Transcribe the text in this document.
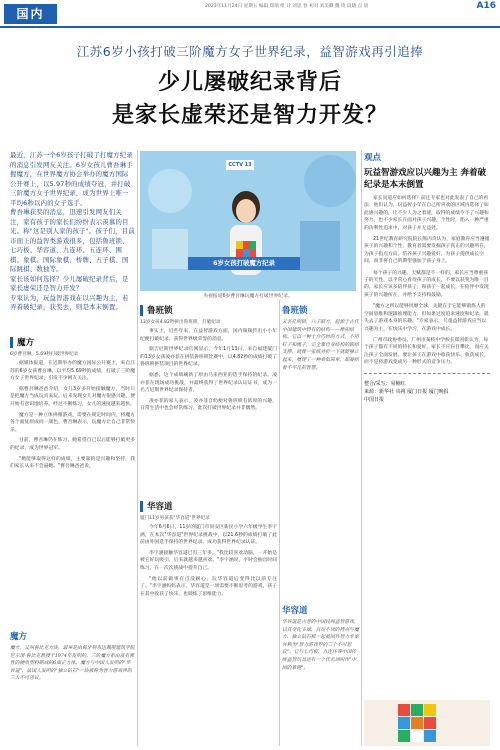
国内
2023年11月24日 星期五 编辑 郑瑞 组 计 刘思 春 初对 刘美卿 魏 琦 段晓 点 晨	A16
江苏6岁小孩打破三阶魔方女子世界纪录，益智游戏再引追捧
少儿屡破纪录背后
是家长虚荣还是智力开发？
最近，江苏一个6岁孩子打破了打魔方纪录的消息引发网友关注。6岁女孩儿曹吾琳手握魔方，在世界魔方协会举办的魔方国际公开赛上，以5.97秒的成绩夺冠，并打破三阶魔方女子世界纪录，成为世界上唯一平均6秒以内的女子选手。
曹吾琳获奖的消息，迅速引发网友们关注，家有孩子的家长们纷纷表示羡慕的目光。称"这是别人家的孩子"。孩子们，目前市面上的益智类游戏很多，包括鲁班锁、七巧板、华容道、九连环、五连环、围棋、象棋、国际象棋、桥牌、五子棋、国际跳棋、数独等。
家长该如何选择？少儿屡破纪录背后，是家长虚荣还是智力开发？
专家认为，玩益智游戏在以兴趣为主，若弄着破纪录，获奖去，则是本末倒置。
CCTV 13
6岁女孩打破魔方纪录
央视报道6岁曹吾琳玩魔方打破世界纪录。
观点
玩益智游戏应以兴趣为主 奔着破纪录是本末倒置
家长问道应如何选择？前还专家也对此发表了自己的看法：他们认为，玩益智小年在自己所喜欢的区域内选择了如此感兴趣的，让不少人为之着迷，取得的成绩令不了兴趣和努力，也不少家长在面对孩子兴趣，个性时，陷入一种严重的功利性追求中，对孩子并无益处。
21世纪教育研究院院长熊丙奇认为，家庭教育应当遵循孩子的兴趣和个性，教育者需要发掘孩子真正的兴趣所在，为孩子指点方向。培养孩子兴趣爱好、为孩子提供成长空间，而非将自己的期望强加于孩子身上。
每个孩子的兴趣、天赋都是不一样的，家长应当尊重孩子的天性，以平常心看待孩子的成长，不要以获奖为唯一目的。家长应该多陪伴孩子，和孩子一起成长，在陪伴中发现孩子的兴趣所在，并给予支持和鼓励。
"魔方之所以能够风靡全球，关键在于它能够锻炼人的空间思维和逻辑推理能力，但如果过度追求速度和纪录，就失去了游戏本身的乐趣。"专家表示，儿童益智游戏应当以兴趣为主，在快乐中学习，在游戏中成长。
广州市政协委员、广州市某校中学校长郑国新认为，每个孩子都有不同的特长和爱好，家长不应盲目攀比，而应关注孩子全面发展。要让孩子在游戏中收获快乐、收获成长，而不是将游戏变成另一种形式的竞争压力。
整合/采写：易楠红
来源：新华社 央视 厦门日报 厦门晚报
中国日报
鲁班锁
13岁女孩4.82秒拼出鲁班锁，打破纪录
事实上，近些年来，在益智游戏方面，国内频频传出小小年纪便打破纪录、获得世界级荣誉的消息。
据吉尼斯世界纪录官网显示，今年1月13日，来自福建厦门的13岁女孩凌亦菲在拼装鲁班锁比赛中，以4.82秒的成绩打破了鲁班锁拼装项目的世界纪录。
据悉，这个成绩刷新了原由马来西亚的选手保持的纪录。凌亦菲在现场成功挑战，并最终获得了世界纪录认证证书，成为一名吉尼斯世界纪录保持者。
凌亦菲的家人表示，凌亦菲自幼便对鲁班锁有浓厚的兴趣，日常生活中也会经常练习，此次打破世界纪录并非偶然。
华容道
厦门11岁男孩获"华容道"世界纪录
今年6月6日，11岁的厦门市同安区新民小学六年级学生李宇涵，在本次"华容道"世界纪录挑战中，以21.6秒的成绩打破了此前由外国选手保持的世界纪录，成功获得世界纪录认证。
李宇涵接触华容道已有三年多。"我比较喜欢动脑，一开始是被它好玩吸引，后来就越来越喜欢。"李宇涵说，平时会抽出时间练习，在一次次挑战中提升自己。
"他以前做事有点没耐心，玩华容道后变得比以前专注了。"李宇涵妈妈表示，华容道是一项需要不断思考的游戏，孩子在其中收获了快乐，也锻炼了思维能力。
魔方
6岁曹吾琳，5.69秒打破世界纪录
据媒体报道，在近期举办的魔方国际公开赛上，来自江苏的6岁女孩曹吾琳，以平均5.69秒的成绩，打破了三阶魔方女子世界纪录，引发不少网友关注。
据曹吾琳爸爸介绍，女儿3岁多开始接触魔方，当时只是把魔方当成玩具来玩。后来发现女儿对魔方很感兴趣，便开始有意识地培养。经过不断练习，女儿的速度越来越快。
魔方是一种立体拼图游戏，需要在规定时间内，将魔方各个面复原成同一颜色。曹吾琳表示，玩魔方让自己非常快乐。
目前，曹吾琳仍在练习，她希望自己以后能够打破更多的纪录，成为世界冠军。
"她能够取得这样的成绩，主要靠的是兴趣和坚持，我们家长从来不会逼她。"曹吾琳爸爸说。
魔方
魔方，又叫鲁比克方块，最早是由匈牙利布达佩斯建筑学院厄尔诺·鲁比克教授于1974年发明的。三阶魔方系由富有弹性的硬质塑料制成的6面正方体。魔方与中国人发明的"华容道"、法国人发明的"独立钻石"一块被称为智力游戏界的三大不可思议。
鲁班锁
又名孔明锁，六子联方，起源于古代中国建筑中特有的结构——榫卯结构。它以一种十分巧妙的方式，不用钉子和绳子，完全靠自身结构的联结支撑，就像一张纸对折一下就能够立起来，展现了一种看似简单，却凝结着不平凡的智慧。
华容道
华容道是古老的中国民间益智游戏，以其变化多端、百玩不厌的特点与魔方、独立钻石棋一起被国外智力专家并称为"智力游戏界的三个不可思议"。它与七巧板、九连环等中国传统益智玩具还有一个代名词叫作"中国的难题"。
